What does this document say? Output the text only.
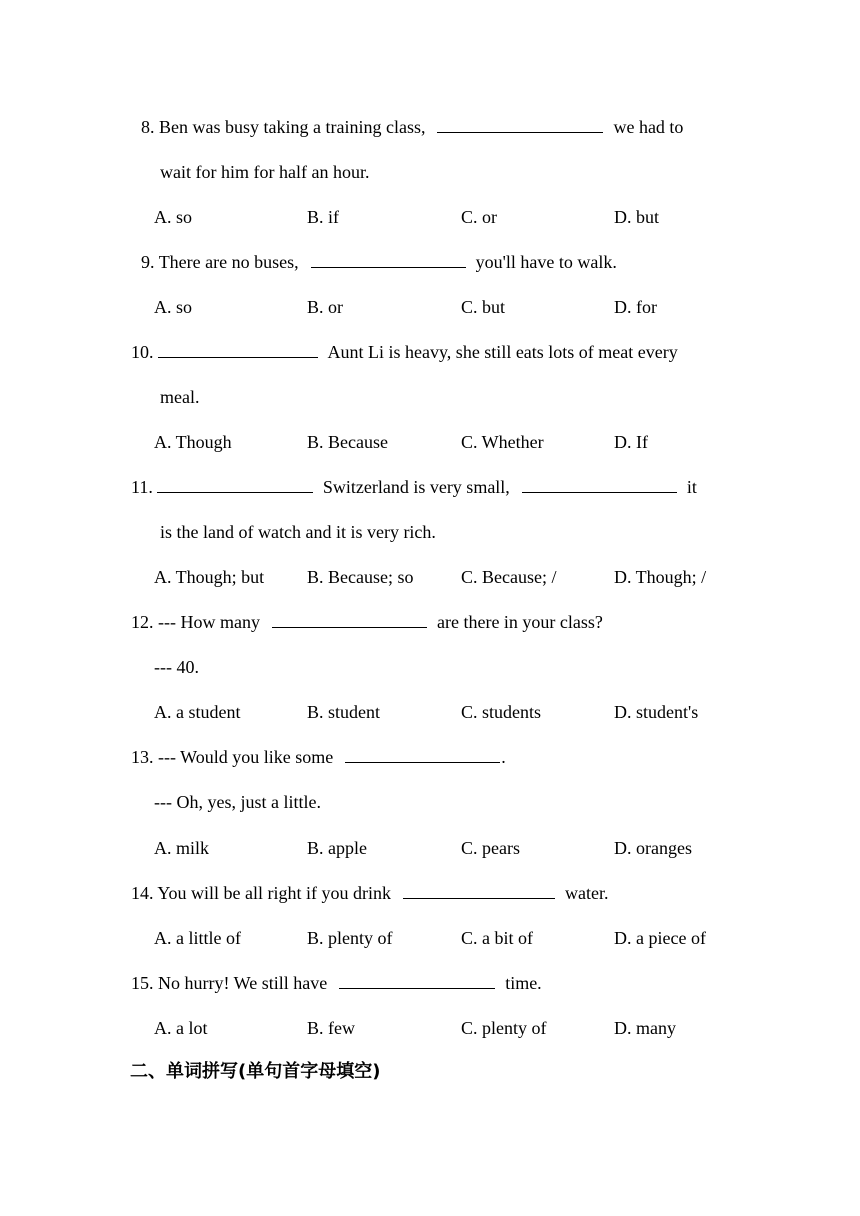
8. Ben was busy taking a training class,	we had to
wait for him for half an hour.
A. so	B. if	C. or	D. but
9. There are no buses,	you'll have to walk.
A. so	B. or	C. but	D. for
10.	Aunt Li is heavy, she still eats lots of meat every
meal.
A. Though	B. Because	C. Whether	D. If
11.	Switzerland is very small,	it
is the land of watch and it is very rich.
A. Though; but B. Because; so	C. Because; /	D. Though; /
12. --- How many	are there in your class?
--- 40.
A. a student	B. student	C. students	D. student's
13. --- Would you like some	.
--- Oh, yes, just a little.
A. milk	B. apple	C. pears	D. oranges
14. You will be all right if you drink	water.
A. a little of	B. plenty of	C. a bit of	D. a piece of
15. No hurry! We still have	time.
A. a lot	B. few	C. plenty of	D. many
二、单词拼写(单句首字母填空)
